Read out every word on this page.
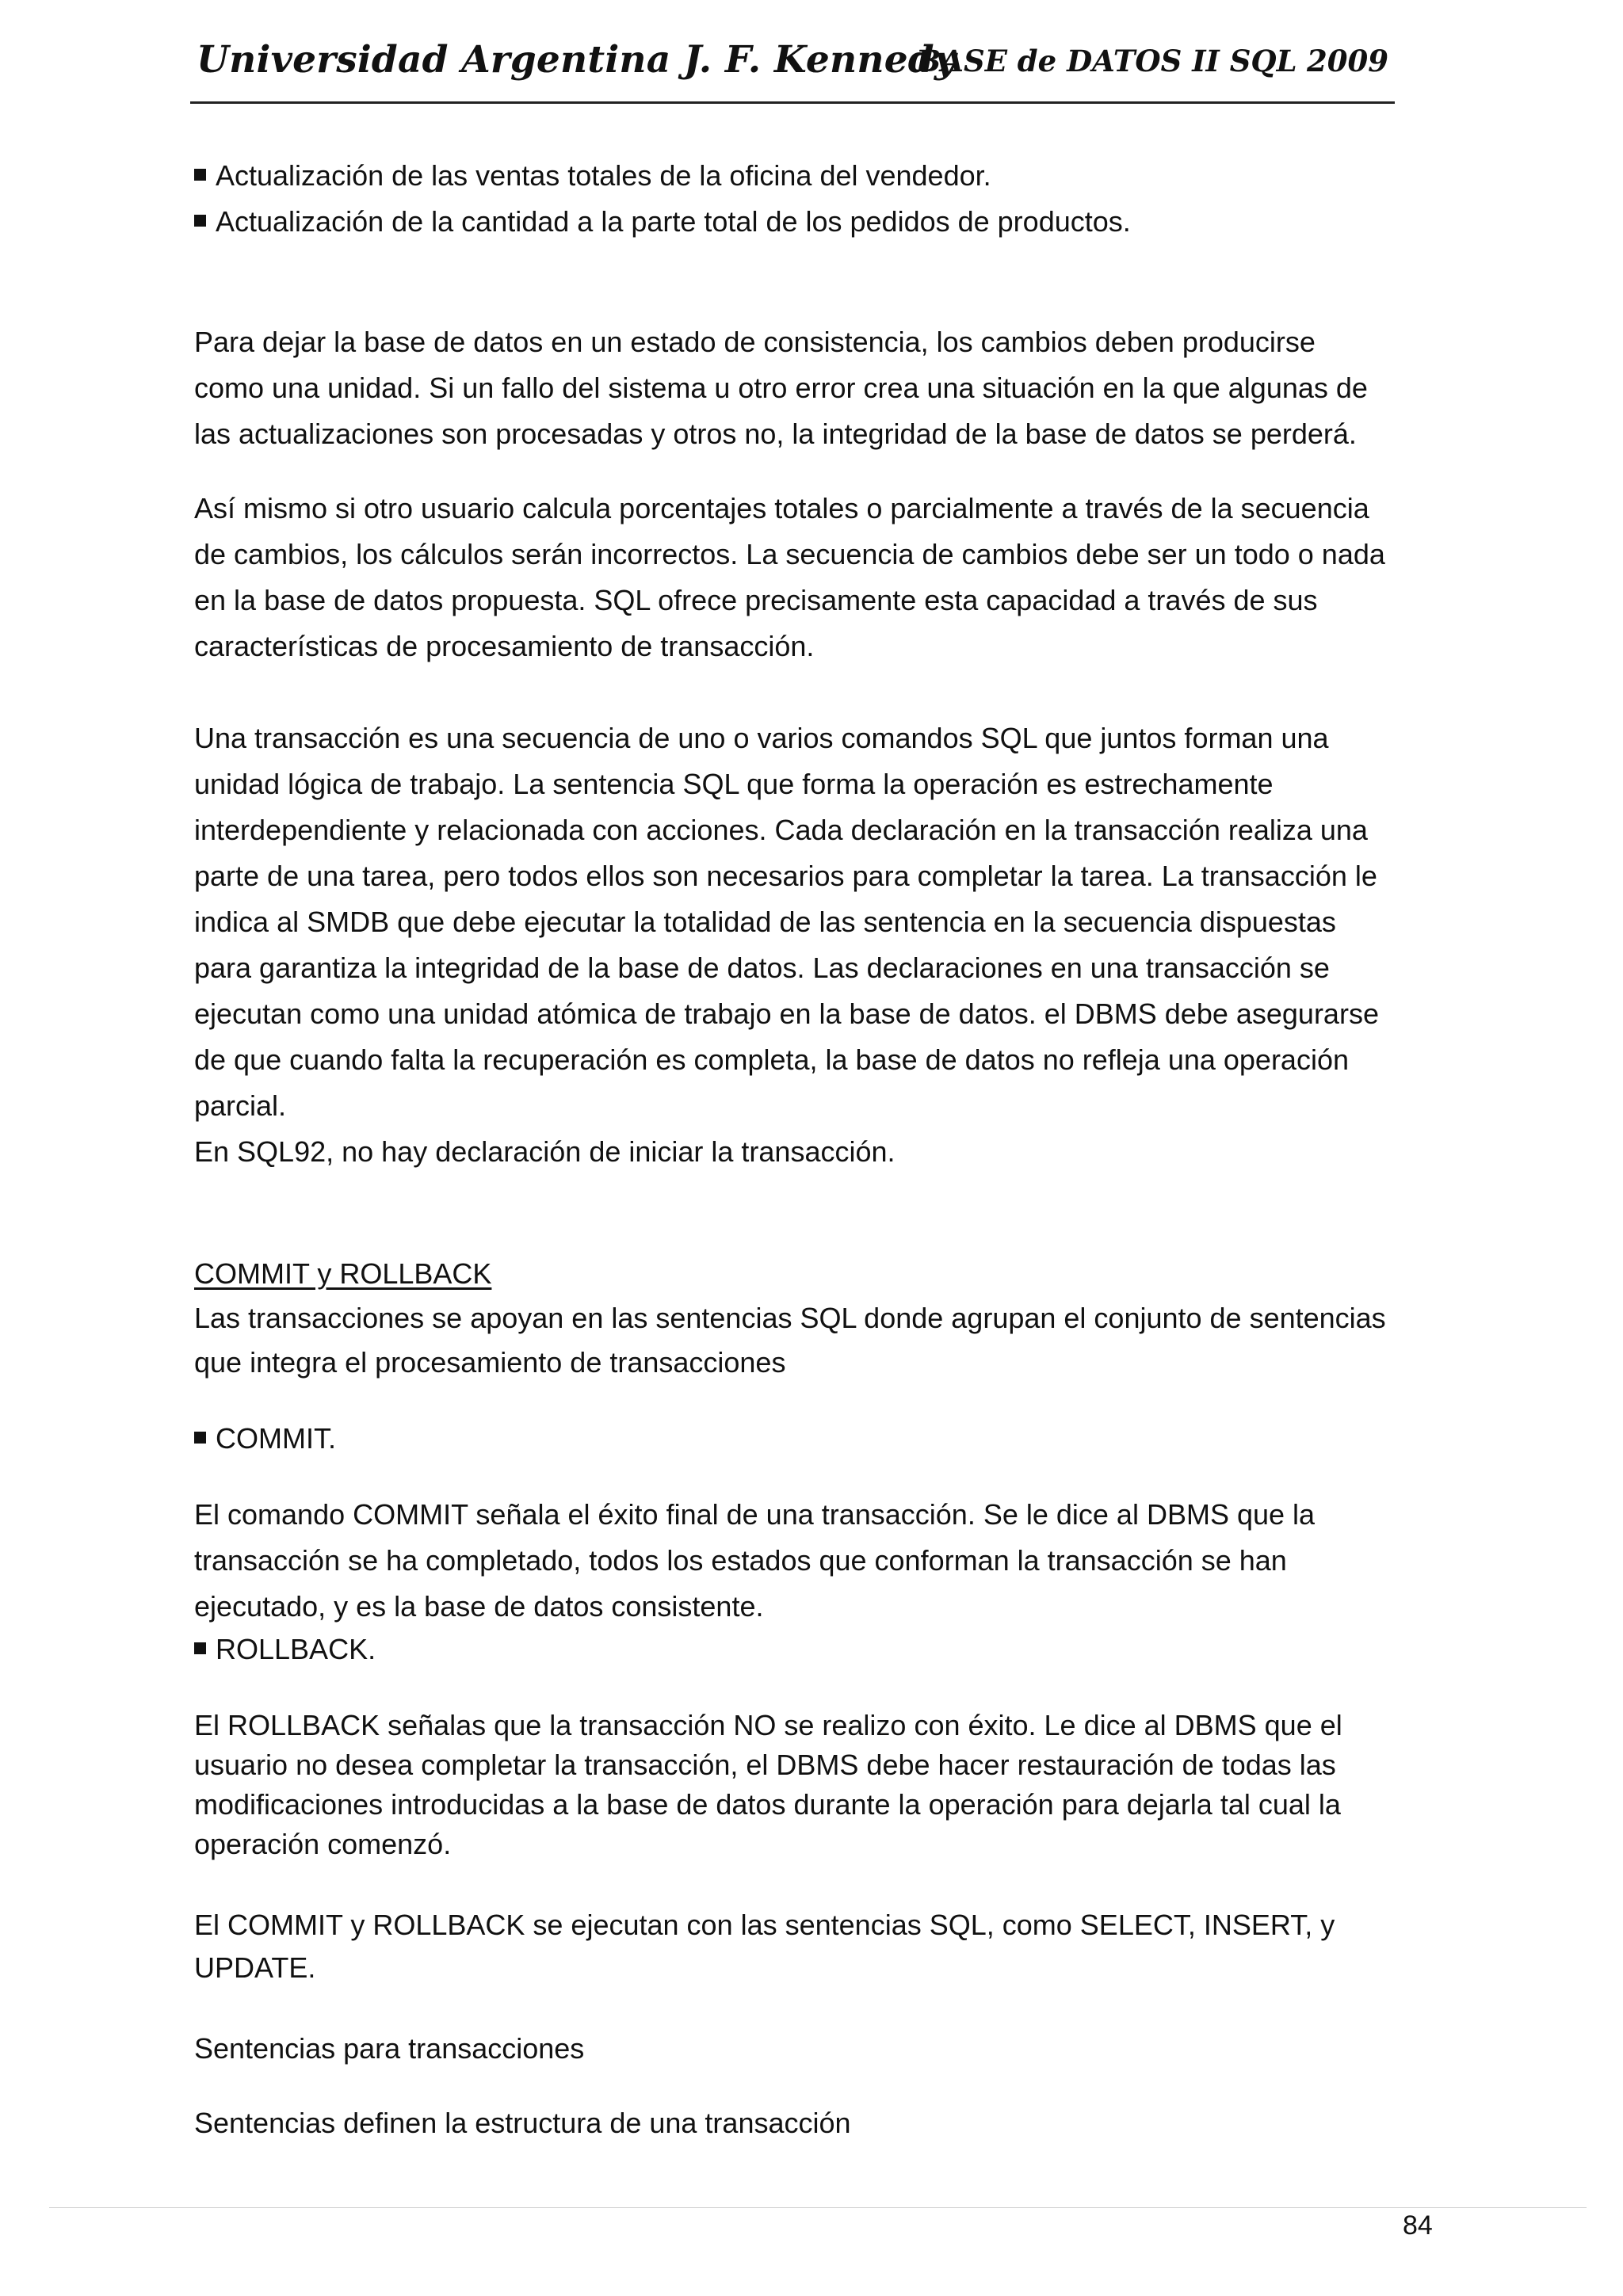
Universidad Argentina J. F. Kennedy
BASE de DATOS II SQL 2009
Actualización de las ventas totales de la oficina del vendedor.
Actualización de la cantidad a la parte total de los pedidos de productos.
Para dejar la base de datos en un estado de consistencia, los cambios deben producirse
como una unidad. Si un fallo del sistema u otro error crea una situación en la que algunas de
las actualizaciones son procesadas y otros no, la integridad de la base de datos se perderá.
Así mismo si otro usuario calcula porcentajes totales o parcialmente a través de la secuencia
de cambios, los cálculos serán incorrectos. La secuencia de cambios debe ser un todo o nada
en la base de datos propuesta. SQL ofrece precisamente esta capacidad a través de sus
características de procesamiento de transacción.
Una transacción es una secuencia de uno o varios comandos SQL que juntos forman una
unidad lógica de trabajo. La sentencia SQL que forma la operación es estrechamente
interdependiente y relacionada con acciones. Cada declaración en la transacción realiza una
parte de una tarea, pero todos ellos son necesarios para completar la tarea. La transacción le
indica al SMDB que debe ejecutar la totalidad de las sentencia en la secuencia dispuestas
para garantiza la integridad de la base de datos. Las declaraciones en una transacción se
ejecutan como una unidad atómica de trabajo en la base de datos. el DBMS debe asegurarse
de que cuando falta la recuperación es completa, la base de datos no refleja una operación
parcial.
En SQL92, no hay declaración de iniciar la transacción.
COMMIT y ROLLBACK
Las transacciones se apoyan en las sentencias SQL donde agrupan el conjunto de sentencias
que integra el procesamiento de transacciones
COMMIT.
El comando COMMIT señala el éxito final de una transacción. Se le dice al DBMS que la
transacción se ha completado, todos los estados que conforman la transacción se han
ejecutado, y es la base de datos consistente.
ROLLBACK.
El ROLLBACK señalas que la transacción NO se realizo con éxito. Le dice al DBMS que el
usuario no desea completar la transacción, el DBMS debe hacer restauración de todas las
modificaciones introducidas a la base de datos durante la operación para dejarla tal cual la
operación comenzó.
El COMMIT y ROLLBACK se ejecutan con las sentencias SQL, como SELECT, INSERT, y
UPDATE.
Sentencias para transacciones
Sentencias definen la estructura de una transacción
84
